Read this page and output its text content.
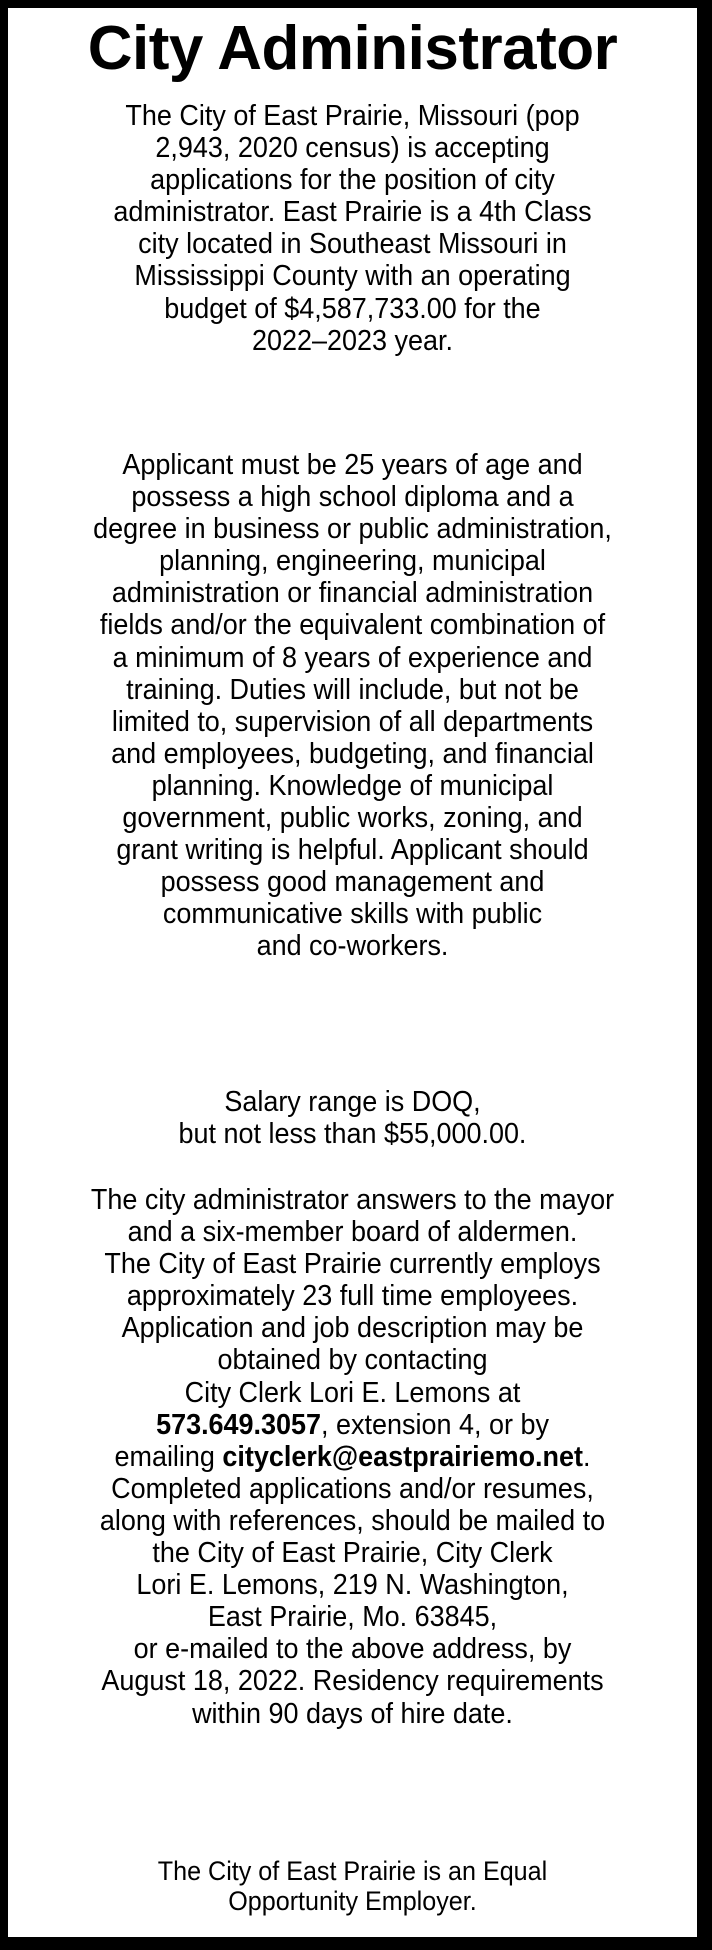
City Administrator
The City of East Prairie, Missouri (pop
2,943, 2020 census) is accepting
applications for the position of city
administrator. East Prairie is a 4th Class
city located in Southeast Missouri in
Mississippi County with an operating
budget of $4,587,733.00 for the
2022–2023 year.
Applicant must be 25 years of age and
possess a high school diploma and a
degree in business or public administration,
planning, engineering, municipal
administration or financial administration
fields and/or the equivalent combination of
a minimum of 8 years of experience and
training. Duties will include, but not be
limited to, supervision of all departments
and employees, budgeting, and financial
planning. Knowledge of municipal
government, public works, zoning, and
grant writing is helpful. Applicant should
possess good management and
communicative skills with public
and co-workers.
Salary range is DOQ,
but not less than $55,000.00.
The city administrator answers to the mayor
and a six-member board of aldermen.
The City of East Prairie currently employs
approximately 23 full time employees.
Application and job description may be
obtained by contacting
City Clerk Lori E. Lemons at
573.649.3057, extension 4, or by
emailing cityclerk@eastprairiemo.net.
Completed applications and/or resumes,
along with references, should be mailed to
the City of East Prairie, City Clerk
Lori E. Lemons, 219 N. Washington,
East Prairie, Mo. 63845,
or e-mailed to the above address, by
August 18, 2022. Residency requirements
within 90 days of hire date.
The City of East Prairie is an Equal
Opportunity Employer.
